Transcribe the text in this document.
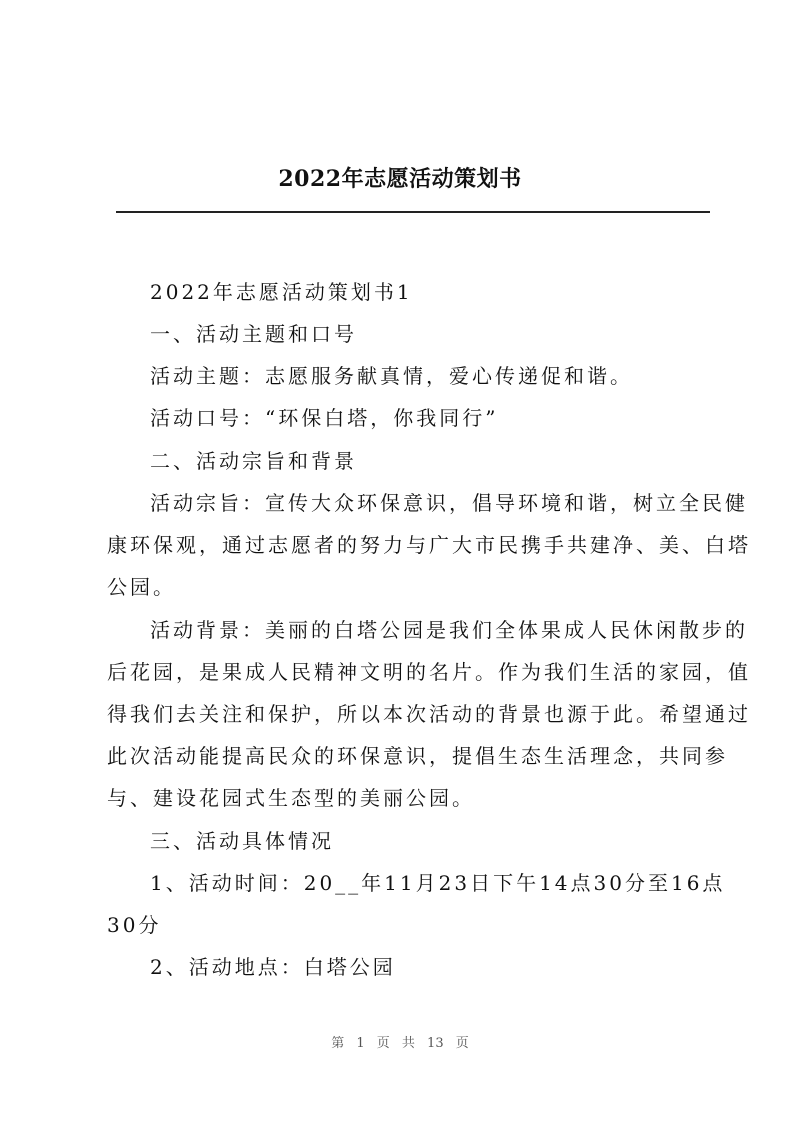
2022年志愿活动策划书
2022年志愿活动策划书1
一、活动主题和口号
活动主题：志愿服务献真情，爱心传递促和谐。
活动口号：“环保白塔，你我同行”
二、活动宗旨和背景
活动宗旨：宣传大众环保意识，倡导环境和谐，树立全民健
康环保观，通过志愿者的努力与广大市民携手共建净、美、白塔
公园。
活动背景：美丽的白塔公园是我们全体果成人民休闲散步的
后花园，是果成人民精神文明的名片。作为我们生活的家园，值
得我们去关注和保护，所以本次活动的背景也源于此。希望通过
此次活动能提高民众的环保意识，提倡生态生活理念，共同参
与、建设花园式生态型的美丽公园。
三、活动具体情况
1、活动时间：20__年11月23日下午14点30分至16点
30分
2、活动地点：白塔公园
第 1 页 共 13 页
